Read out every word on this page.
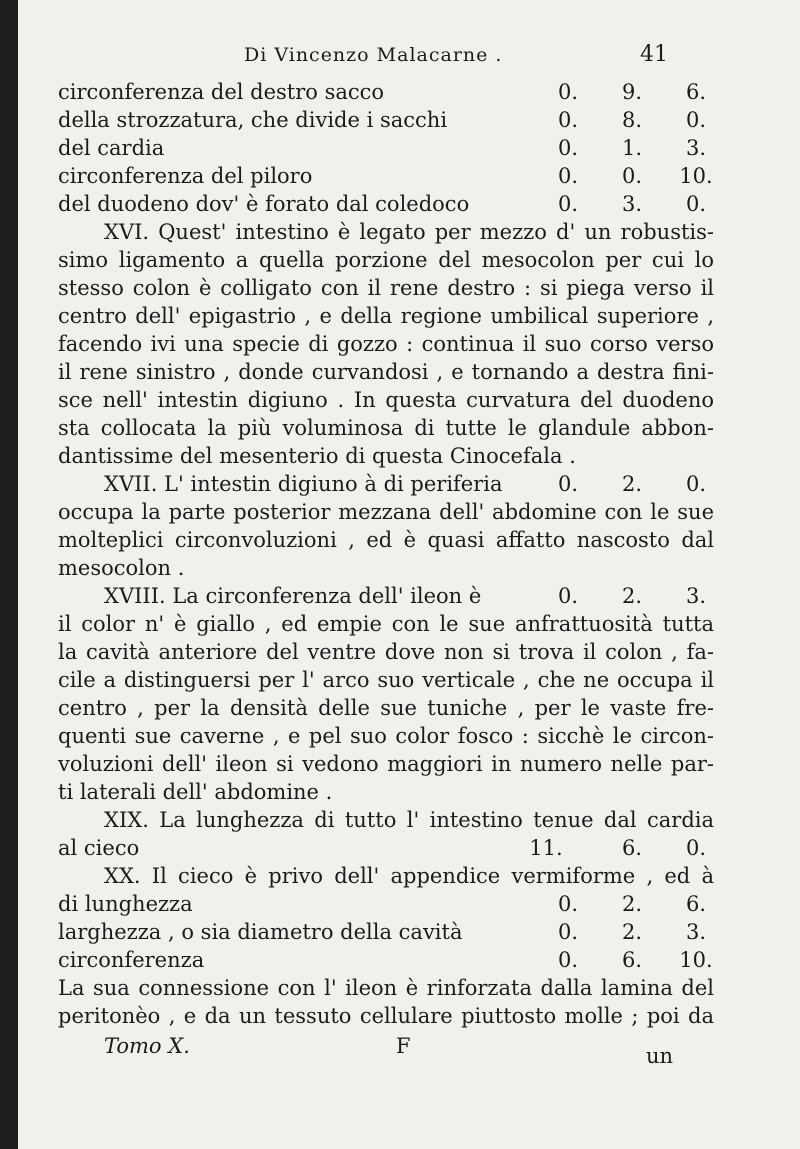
Di Vincenzo Malacarne .	41
circonferenza del destro sacco	0.	9.	6.
della strozzatura, che divide i sacchi	0.	8.	0.
del cardia	0.	1.	3.
circonferenza del piloro	0.	0.	10.
del duodeno dov' è forato dal coledoco	0.	3.	0.
XVI. Quest' intestino è legato per mezzo d' un robustis-
simo ligamento a quella porzione del mesocolon per cui lo
stesso colon è colligato con il rene destro : si piega verso il
centro dell' epigastrio , e della regione umbilical superiore ,
facendo ivi una specie di gozzo : continua il suo corso verso
il rene sinistro , donde curvandosi , e tornando a destra fini-
sce nell' intestin digiuno . In questa curvatura del duodeno
sta collocata la più voluminosa di tutte le glandule abbon-
dantissime del mesenterio di questa Cinocefala .
XVII. L' intestin digiuno à di periferia	0.	2.	0.
occupa la parte posterior mezzana dell' abdomine con le sue
molteplici circonvoluzioni , ed è quasi affatto nascosto dal
mesocolon .
XVIII. La circonferenza dell' ileon è	0.	2.	3.
il color n' è giallo , ed empie con le sue anfrattuosità tutta
la cavità anteriore del ventre dove non si trova il colon , fa-
cile a distinguersi per l' arco suo verticale , che ne occupa il
centro , per la densità delle sue tuniche , per le vaste fre-
quenti sue caverne , e pel suo color fosco : sicchè le circon-
voluzioni dell' ileon si vedono maggiori in numero nelle par-
ti laterali dell' abdomine .
XIX. La lunghezza di tutto l' intestino tenue dal cardia
al cieco	11.	6.	0.
XX. Il cieco è privo dell' appendice vermiforme , ed à
di lunghezza	0.	2.	6.
larghezza , o sia diametro della cavità	0.	2.	3.
circonferenza	0.	6.	10.
La sua connessione con l' ileon è rinforzata dalla lamina del
peritonèo , e da un tessuto cellulare piuttosto molle ; poi da
Tomo X.	F	un
